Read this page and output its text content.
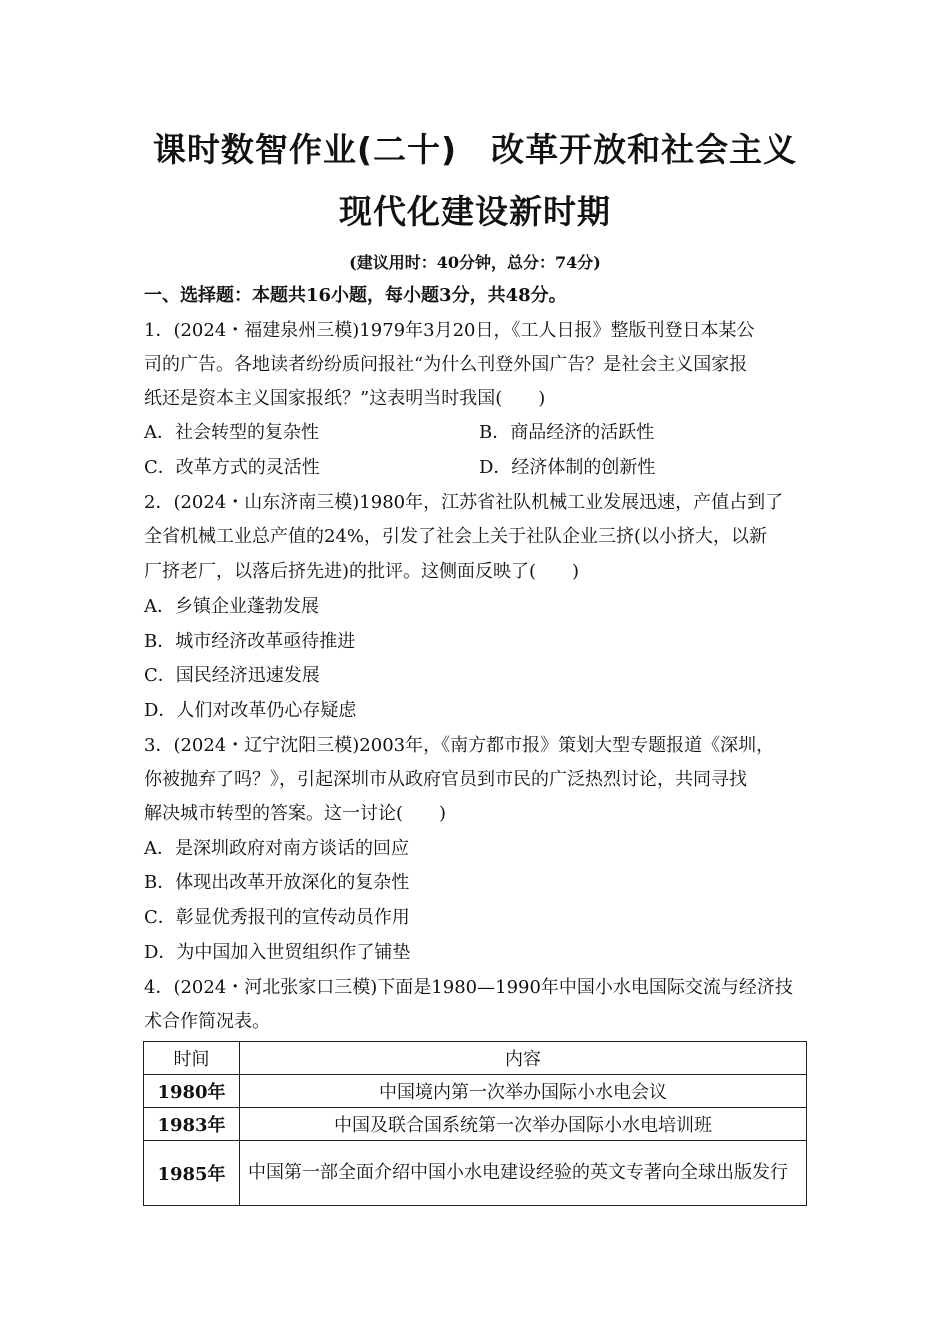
课时数智作业(二十)　改革开放和社会主义
现代化建设新时期
(建议用时：40分钟，总分：74分)
一、选择题：本题共16小题，每小题3分，共48分。
1．(2024・福建泉州三模)1979年3月20日，《工人日报》整版刊登日本某公
司的广告。各地读者纷纷质问报社“为什么刊登外国广告？是社会主义国家报
纸还是资本主义国家报纸？”这表明当时我国(　　)
A．社会转型的复杂性	B．商品经济的活跃性
C．改革方式的灵活性	D．经济体制的创新性
2．(2024・山东济南三模)1980年，江苏省社队机械工业发展迅速，产值占到了
全省机械工业总产值的24%，引发了社会上关于社队企业三挤(以小挤大，以新
厂挤老厂，以落后挤先进)的批评。这侧面反映了(　　)
A．乡镇企业蓬勃发展
B．城市经济改革亟待推进
C．国民经济迅速发展
D．人们对改革仍心存疑虑
3．(2024・辽宁沈阳三模)2003年，《南方都市报》策划大型专题报道《深圳，
你被抛弃了吗？》，引起深圳市从政府官员到市民的广泛热烈讨论，共同寻找
解决城市转型的答案。这一讨论(　　)
A．是深圳政府对南方谈话的回应
B．体现出改革开放深化的复杂性
C．彰显优秀报刊的宣传动员作用
D．为中国加入世贸组织作了铺垫
4．(2024・河北张家口三模)下面是1980—1990年中国小水电国际交流与经济技
术合作简况表。
时间	内容
1980年	中国境内第一次举办国际小水电会议
1983年	中国及联合国系统第一次举办国际小水电培训班
1985年	中国第一部全面介绍中国小水电建设经验的英文专著向全球出版发行
